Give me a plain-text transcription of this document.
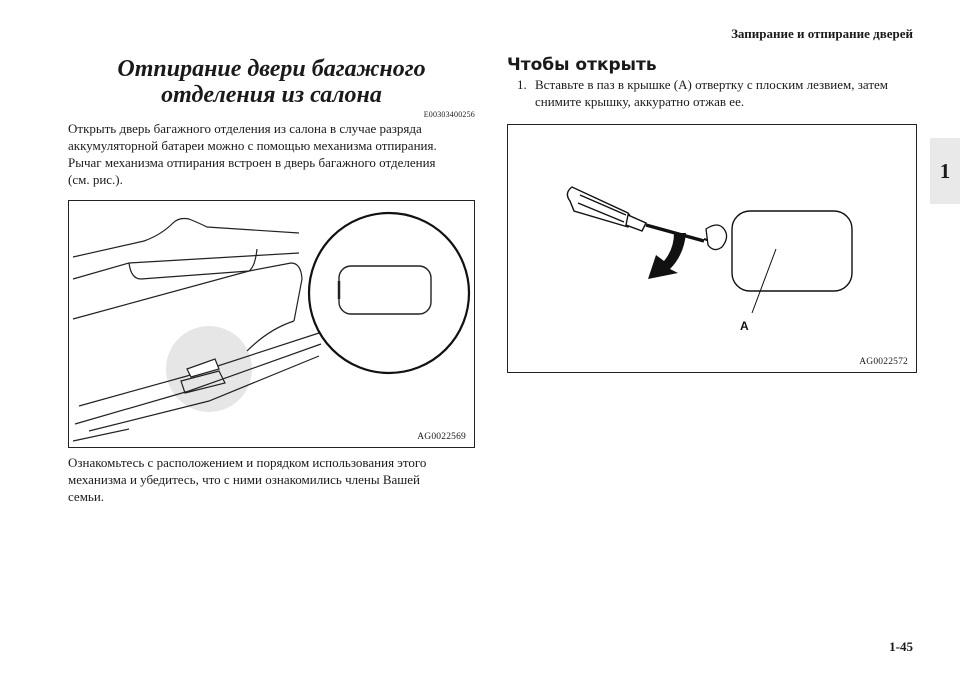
Запирание и отпирание дверей
1
Отпирание двери багажного
отделения из салона
E00303400256
Открыть дверь багажного отделения из салона в случае разряда
аккумуляторной батареи можно с помощью механизма отпирания.
Рычаг механизма отпирания встроен в дверь багажного отделения
(см. рис.).
AG0022569
Ознакомьтесь с расположением и порядком использования этого
механизма и убедитесь, что с ними ознакомились члены Вашей
семьи.
Чтобы открыть
1. Вставьте в паз в крышке (A) отвертку с плоским лезвием, затем
снимите крышку, аккуратно отжав ее.
A
AG0022572
1-45
